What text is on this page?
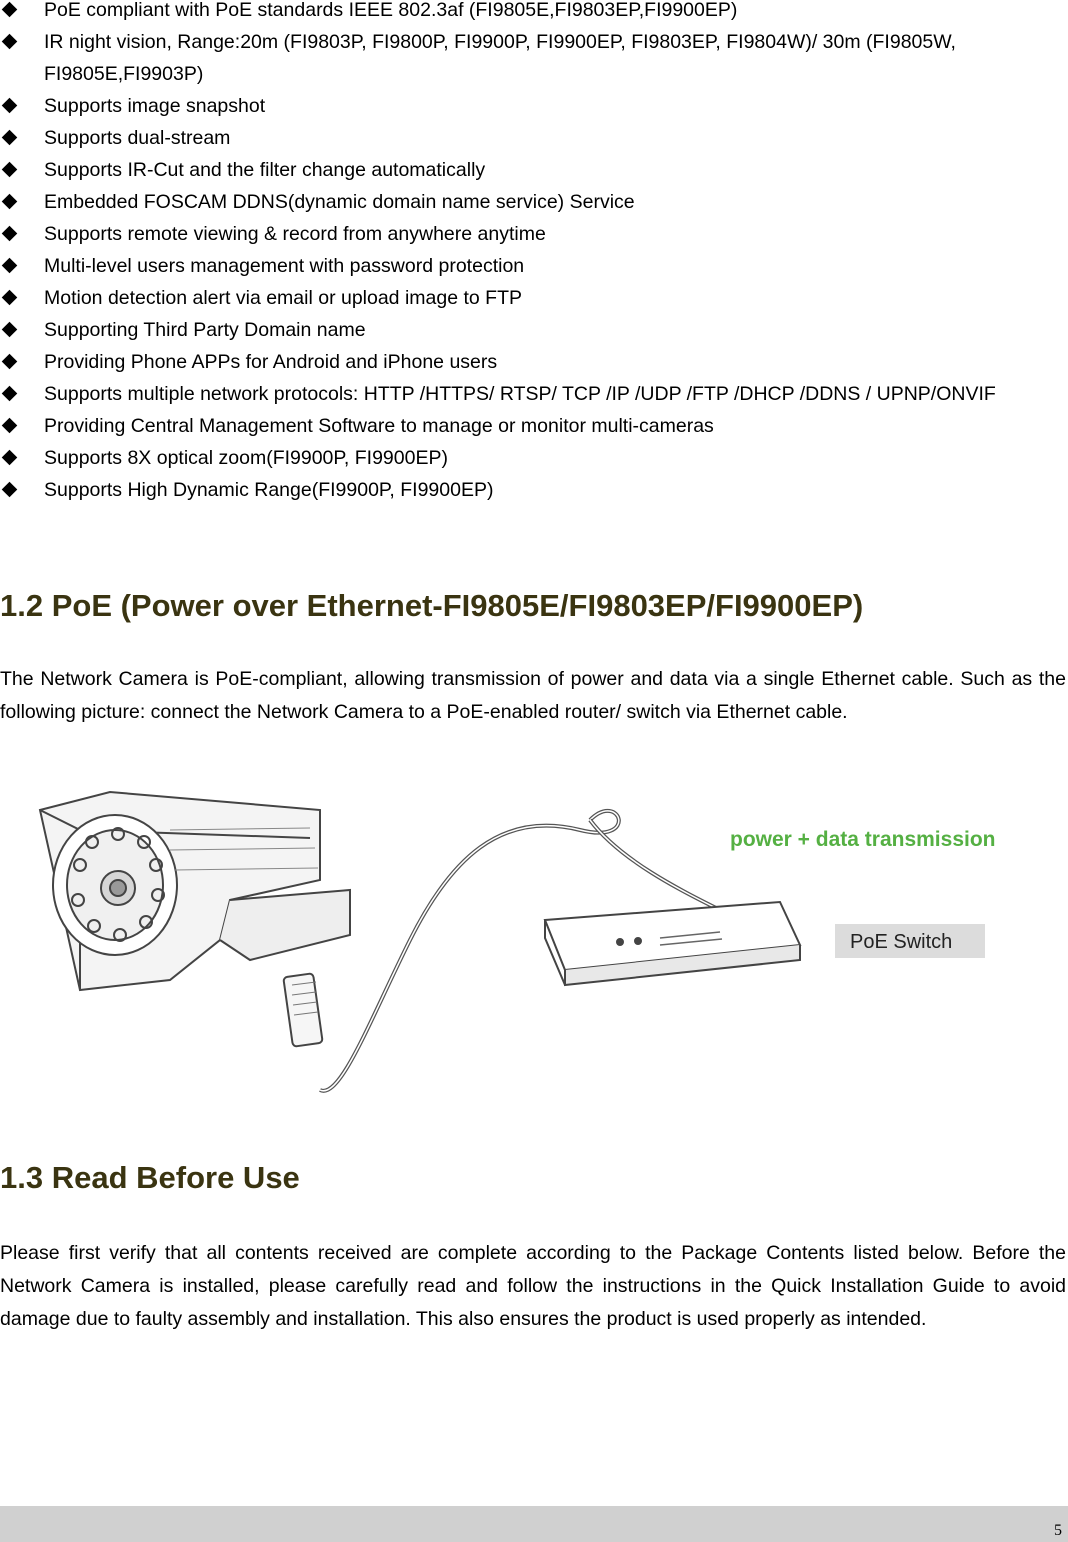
PoE compliant with PoE standards IEEE 802.3af (FI9805E,FI9803EP,FI9900EP)
IR night vision, Range:20m (FI9803P, FI9800P, FI9900P, FI9900EP, FI9803EP, FI9804W)/ 30m (FI9805W, FI9805E,FI9903P)
Supports image snapshot
Supports dual-stream
Supports IR-Cut and the filter change automatically
Embedded FOSCAM DDNS(dynamic domain name service) Service
Supports remote viewing & record from anywhere anytime
Multi-level users management with password protection
Motion detection alert via email or upload image to FTP
Supporting Third Party Domain name
Providing Phone APPs for Android and iPhone users
Supports multiple network protocols: HTTP /HTTPS/ RTSP/ TCP /IP /UDP /FTP /DHCP /DDNS / UPNP/ONVIF
Providing Central Management Software to manage or monitor multi-cameras
Supports 8X optical zoom(FI9900P, FI9900EP)
Supports High Dynamic Range(FI9900P, FI9900EP)
1.2 PoE (Power over Ethernet-FI9805E/FI9803EP/FI9900EP)

The Network Camera is PoE-compliant, allowing transmission of power and data via a single Ethernet cable. Such as the following picture: connect the Network Camera to a PoE-enabled router/ switch via Ethernet cable.

power + data transmission
PoE Switch
1.3 Read Before Use

Please first verify that all contents received are complete according to the Package Contents listed below. Before the Network Camera is installed, please carefully read and follow the instructions in the Quick Installation Guide to avoid damage due to faulty assembly and installation. This also ensures the product is used properly as intended.

5
